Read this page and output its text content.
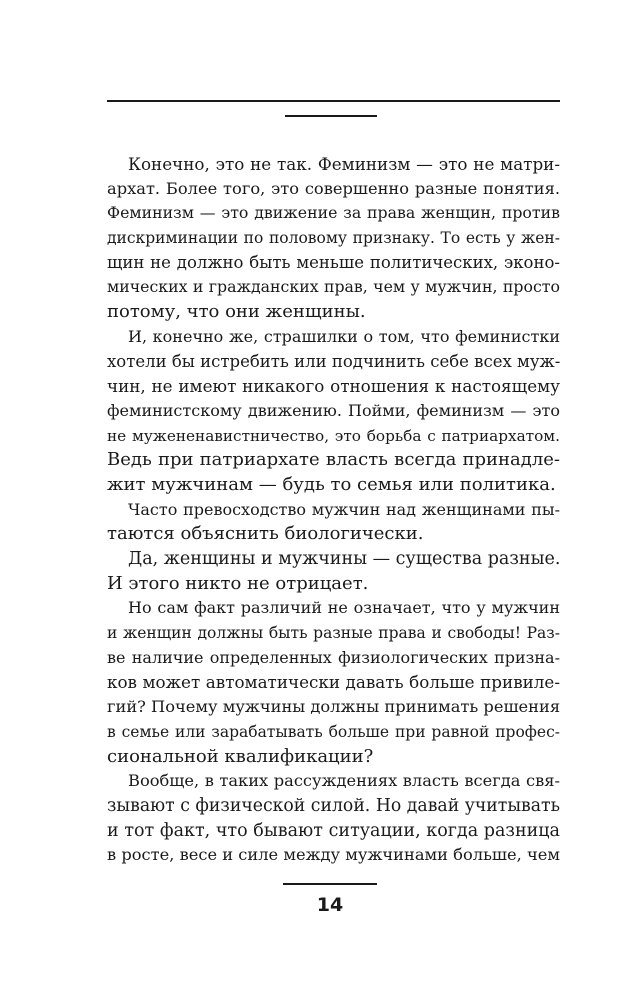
Конечно, это не так. Феминизм — это не матри-
архат. Более того, это совершенно разные понятия.
Феминизм — это движение за права женщин, против
дискриминации по половому признаку. То есть у жен-
щин не должно быть меньше политических, эконо-
мических и гражданских прав, чем у мужчин, просто
потому, что они женщины.
И, конечно же, страшилки о том, что феминистки
хотели бы истребить или подчинить себе всех муж-
чин, не имеют никакого отношения к настоящему
феминистскому движению. Пойми, феминизм — это
не мужененавистничество, это борьба с патриархатом.
Ведь при патриархате власть всегда принадле-
жит мужчинам — будь то семья или политика.
Часто превосходство мужчин над женщинами пы-
таются объяснить биологически.
Да, женщины и мужчины — существа разные.
И этого никто не отрицает.
Но сам факт различий не означает, что у мужчин
и женщин должны быть разные права и свободы! Раз-
ве наличие определенных физиологических призна-
ков может автоматически давать больше привиле-
гий? Почему мужчины должны принимать решения
в семье или зарабатывать больше при равной профес-
сиональной квалификации?
Вообще, в таких рассуждениях власть всегда свя-
зывают с физической силой. Но давай учитывать
и тот факт, что бывают ситуации, когда разница
в росте, весе и силе между мужчинами больше, чем
14
